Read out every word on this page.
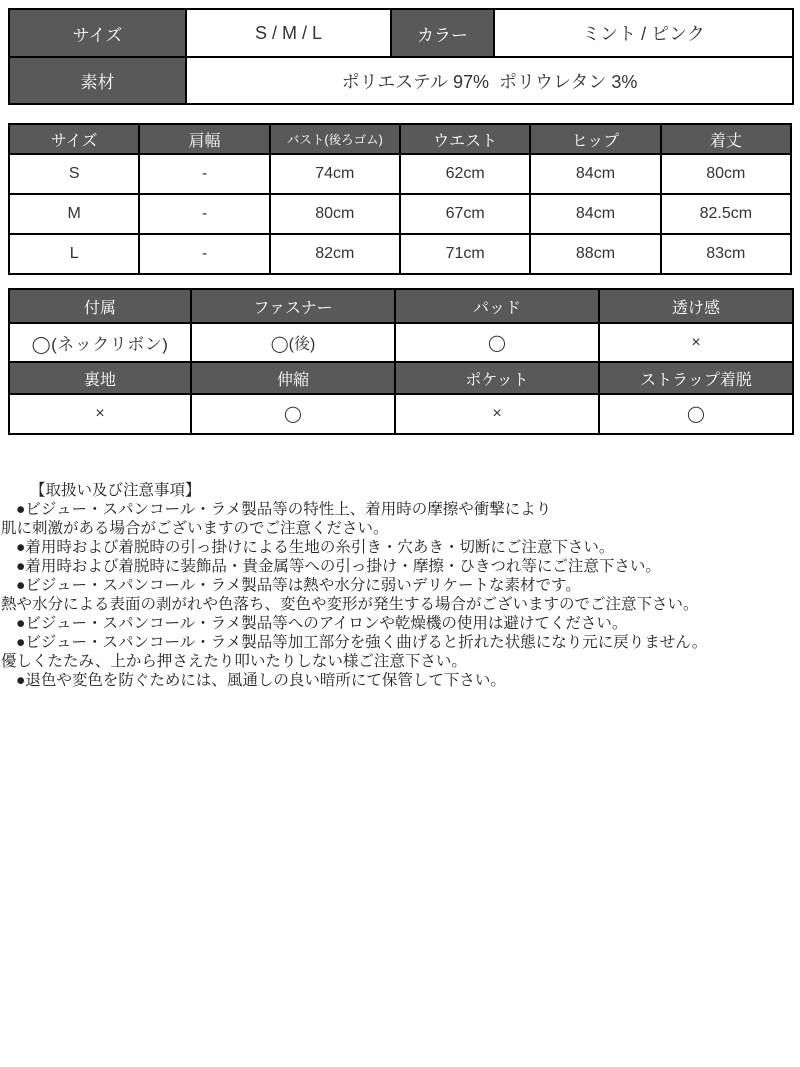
サイズ	S / M / L	カラー	ミント / ピンク
素材	ポリエステル 97%  ポリウレタン 3%		
サイズ	肩幅	バスト(後ろゴム)	ウエスト	ヒップ	着丈
S	-	74cm	62cm	84cm	80cm
M	-	80cm	67cm	84cm	82.5cm
L	-	82cm	71cm	88cm	83cm
付属	ファスナー	パッド	透け感
◯(ネックリボン)	◯(後)	◯	×
裏地	伸縮	ポケット	ストラップ着脱
×	◯	×	◯
【取扱い及び注意事項】
●ビジュー・スパンコール・ラメ製品等の特性上、着用時の摩擦や衝撃により
肌に刺激がある場合がございますのでご注意ください。
●着用時および着脱時の引っ掛けによる生地の糸引き・穴あき・切断にご注意下さい。
●着用時および着脱時に装飾品・貴金属等への引っ掛け・摩擦・ひきつれ等にご注意下さい。
●ビジュー・スパンコール・ラメ製品等は熱や水分に弱いデリケートな素材です。
熱や水分による表面の剥がれや色落ち、変色や変形が発生する場合がございますのでご注意下さい。
●ビジュー・スパンコール・ラメ製品等へのアイロンや乾燥機の使用は避けてください。
●ビジュー・スパンコール・ラメ製品等加工部分を強く曲げると折れた状態になり元に戻りません。
優しくたたみ、上から押さえたり叩いたりしない様ご注意下さい。
●退色や変色を防ぐためには、風通しの良い暗所にて保管して下さい。
